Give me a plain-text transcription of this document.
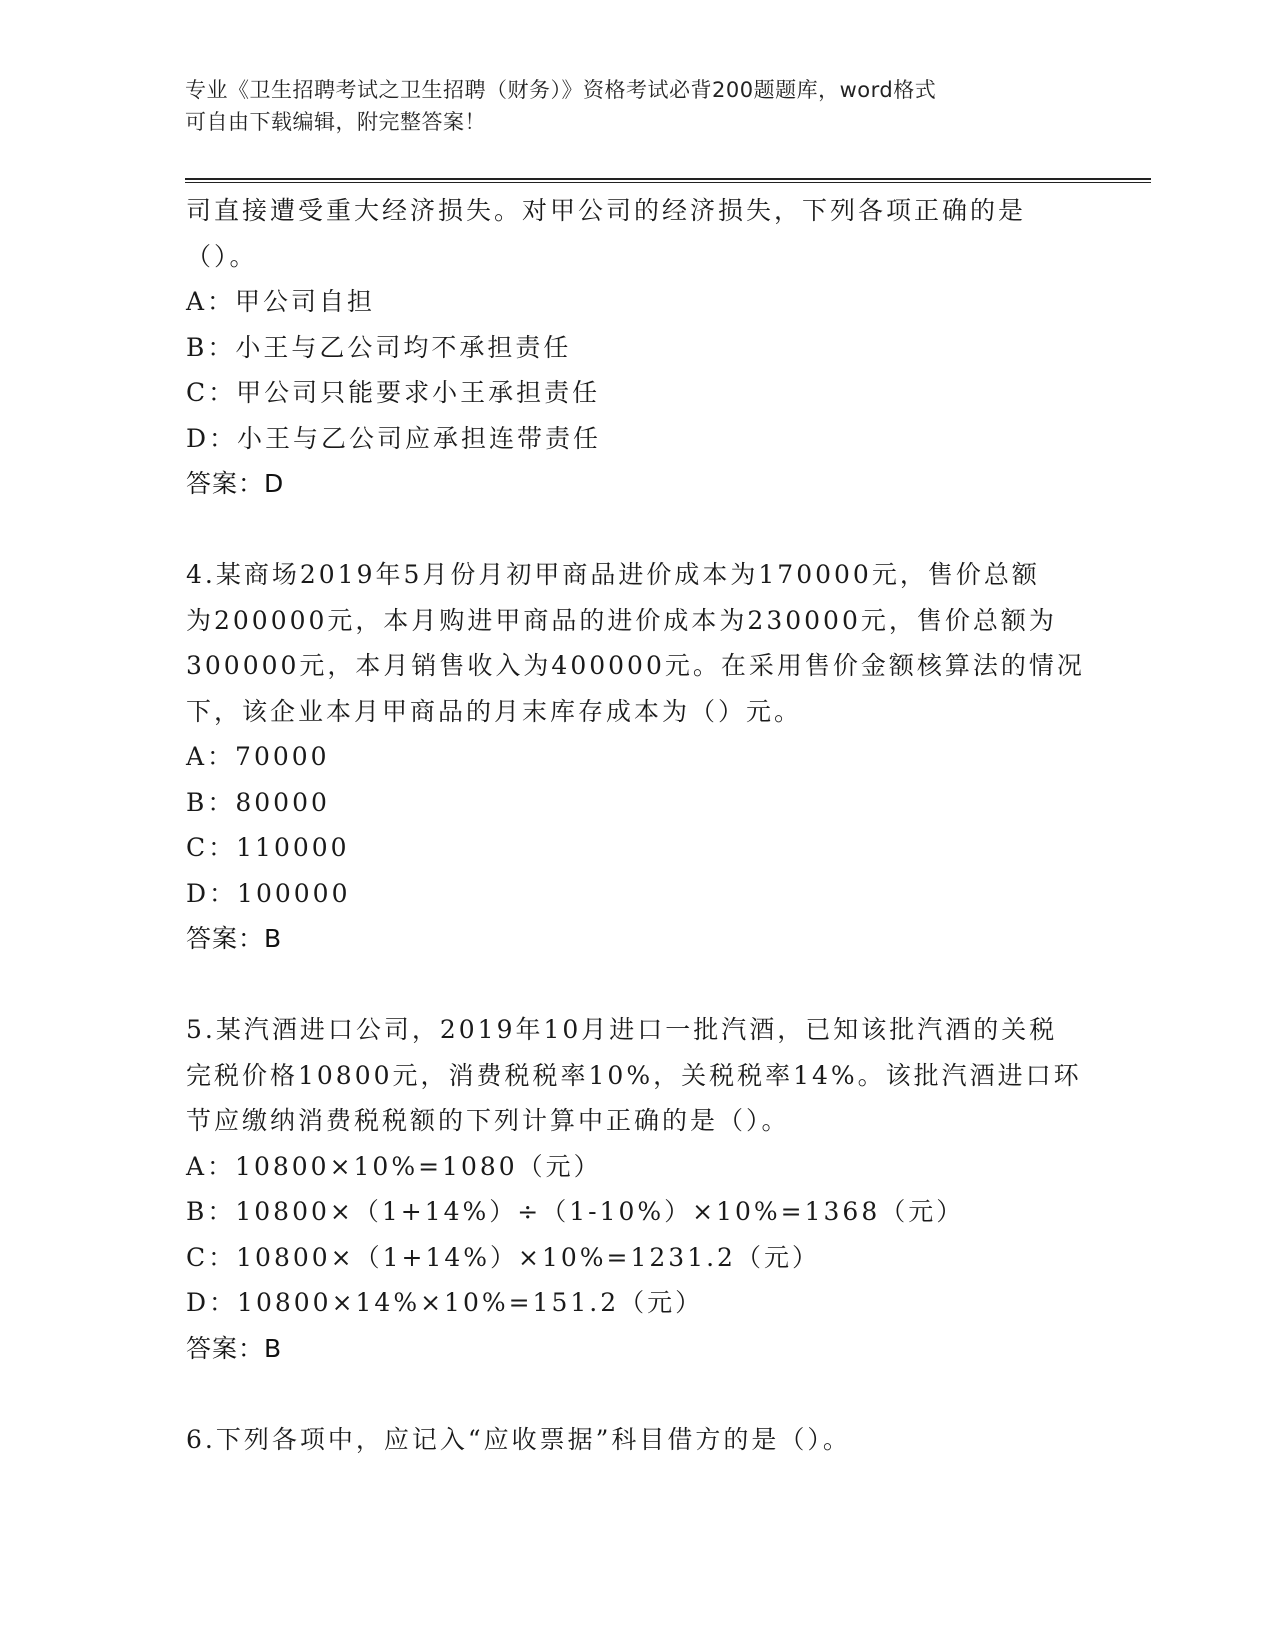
专业《卫生招聘考试之卫生招聘（财务）》资格考试必背200题题库，word格式
可自由下载编辑，附完整答案！
司直接遭受重大经济损失。对甲公司的经济损失，下列各项正确的是
（）。
A：甲公司自担
B：小王与乙公司均不承担责任
C：甲公司只能要求小王承担责任
D：小王与乙公司应承担连带责任
答案：D
4.某商场2019年5月份月初甲商品进价成本为170000元，售价总额
为200000元，本月购进甲商品的进价成本为230000元，售价总额为
300000元，本月销售收入为400000元。在采用售价金额核算法的情况
下，该企业本月甲商品的月末库存成本为（）元。
A：70000
B：80000
C：110000
D：100000
答案：B
5.某汽酒进口公司，2019年10月进口一批汽酒，已知该批汽酒的关税
完税价格10800元，消费税税率10%，关税税率14%。该批汽酒进口环
节应缴纳消费税税额的下列计算中正确的是（）。
A：10800×10%=1080（元）
B：10800×（1+14%）÷（1-10%）×10%=1368（元）
C：10800×（1+14%）×10%=1231.2（元）
D：10800×14%×10%=151.2（元）
答案：B
6.下列各项中，应记入“应收票据”科目借方的是（）。
